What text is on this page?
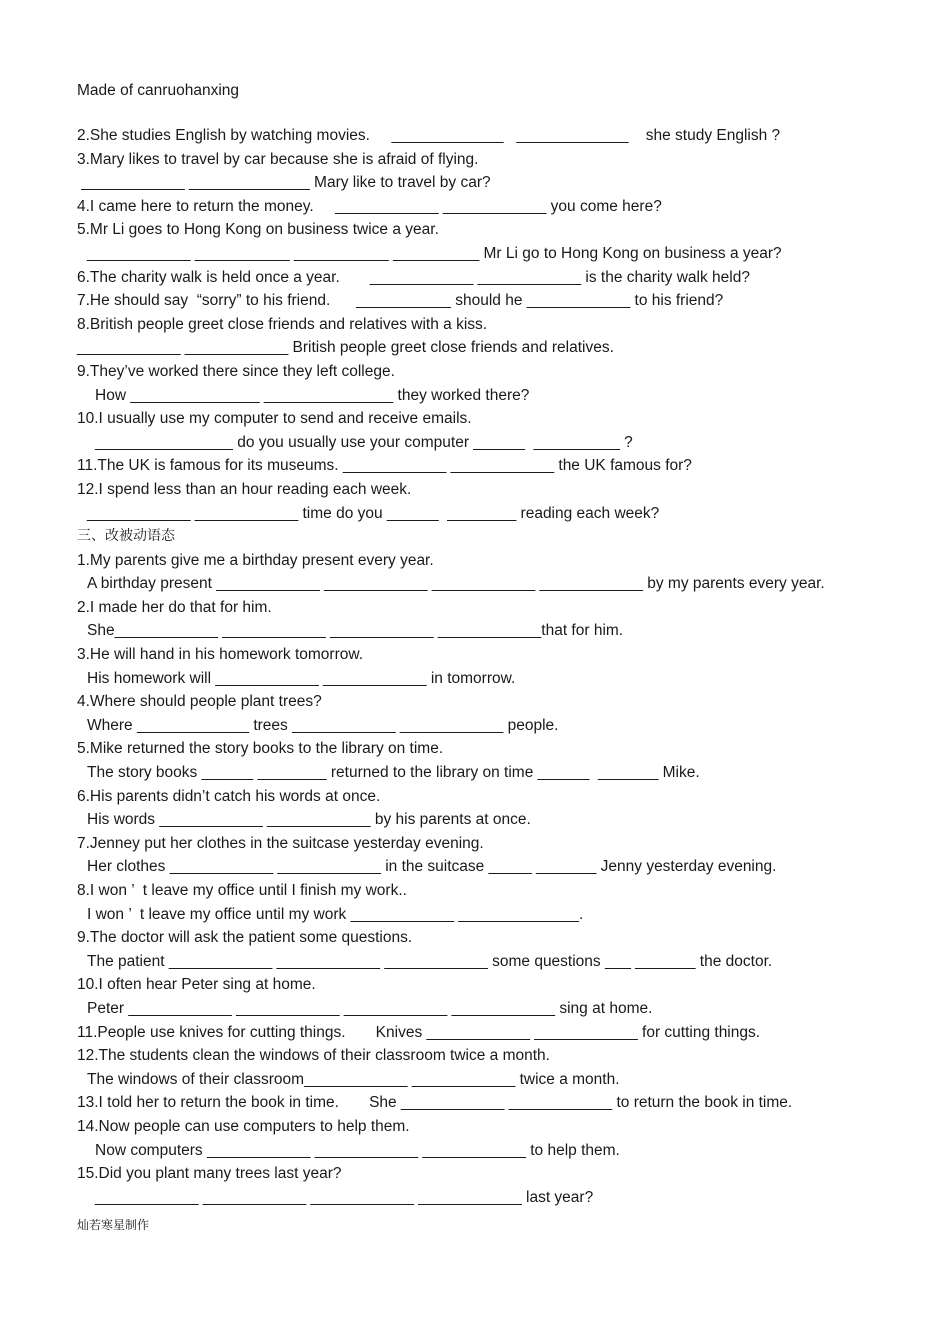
Made of canruohanxing
2.She studies English by watching movies.     _____________   _____________    she study English ?
3.Mary likes to travel by car because she is afraid of flying.
____________ ______________ Mary like to travel by car?
4.I came here to return the money.     ____________ ____________ you come here?
5.Mr Li goes to Hong Kong on business twice a year.
____________ ___________ ___________ __________ Mr Li go to Hong Kong on business a year?
6.The charity walk is held once a year.       ____________ ____________ is the charity walk held?
7.He should say  “sorry” to his friend.      ___________ should he ____________ to his friend?
8.British people greet close friends and relatives with a kiss.
____________ ____________ British people greet close friends and relatives.
9.They’ve worked there since they left college.
How _______________ _______________ they worked there?
10.I usually use my computer to send and receive emails.
________________ do you usually use your computer ______  __________ ?
11.The UK is famous for its museums. ____________ ____________ the UK famous for?
12.I spend less than an hour reading each week.
____________ ____________ time do you ______  ________ reading each week?
三、改被动语态
1.My parents give me a birthday present every year.
A birthday present ____________ ____________ ____________ ____________ by my parents every year.
2.I made her do that for him.
She____________ ____________ ____________ ____________that for him.
3.He will hand in his homework tomorrow.
His homework will ____________ ____________ in tomorrow.
4.Where should people plant trees?
Where _____________ trees ____________ ____________ people.
5.Mike returned the story books to the library on time.
The story books ______ ________ returned to the library on time ______  _______ Mike.
6.His parents didn’t catch his words at once.
His words ____________ ____________ by his parents at once.
7.Jenney put her clothes in the suitcase yesterday evening.
Her clothes ____________ ____________ in the suitcase _____ _______ Jenny yesterday evening.
8.I won ’  t leave my office until I finish my work..
I won ’  t leave my office until my work ____________ ______________.
9.The doctor will ask the patient some questions.
The patient ____________ ____________ ____________ some questions ___ _______ the doctor.
10.I often hear Peter sing at home.
Peter ____________ ____________ ____________ ____________ sing at home.
11.People use knives for cutting things.       Knives ____________ ____________ for cutting things.
12.The students clean the windows of their classroom twice a month.
The windows of their classroom____________ ____________ twice a month.
13.I told her to return the book in time.       She ____________ ____________ to return the book in time.
14.Now people can use computers to help them.
Now computers ____________ ____________ ____________ to help them.
15.Did you plant many trees last year?
____________ ____________ ____________ ____________ last year?
灿若寒星制作
